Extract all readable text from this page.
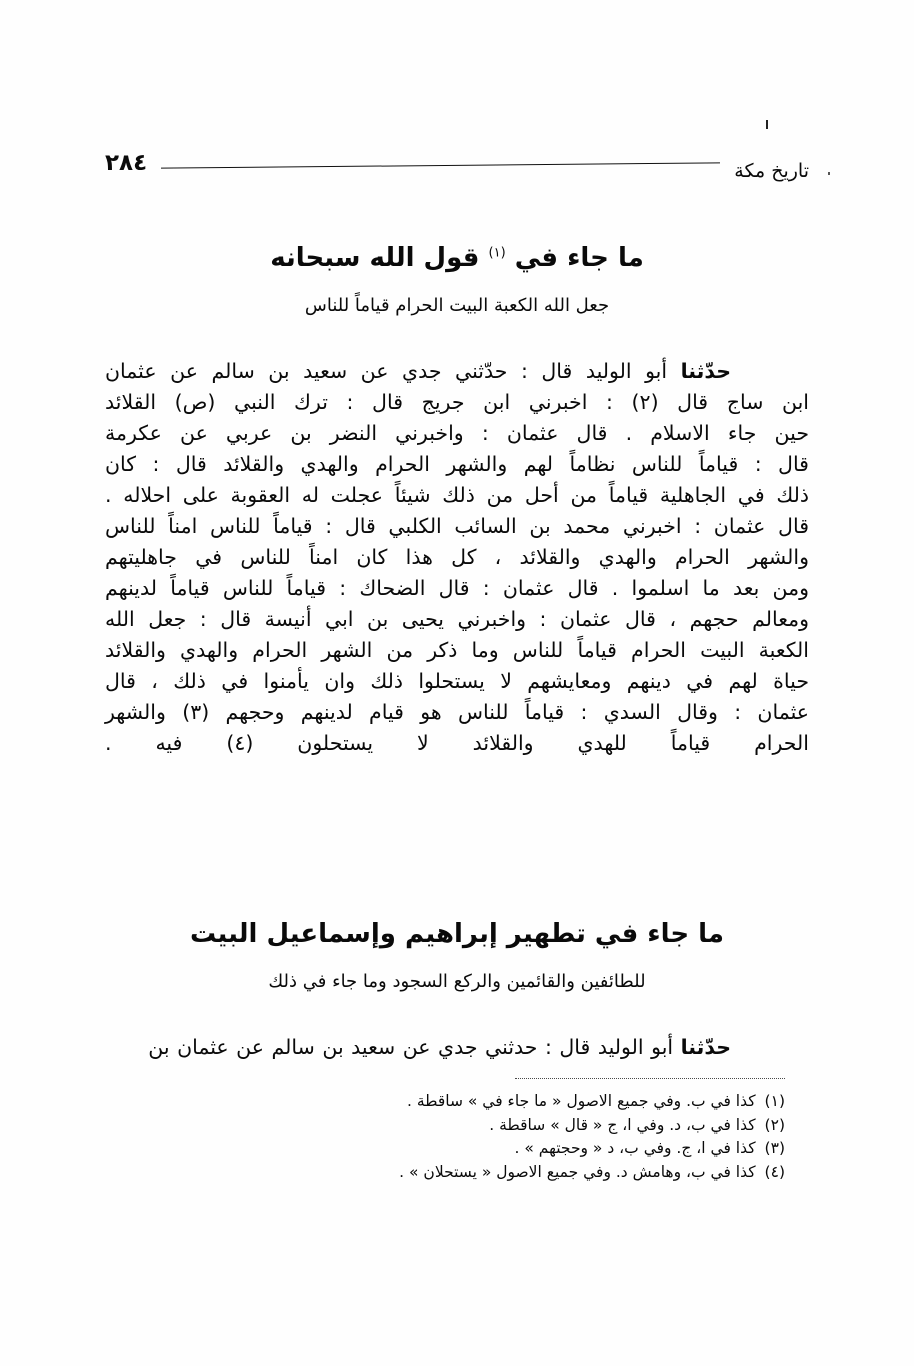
٢٨٤	تاريخ مكة
ما جاء في $^{(١)}$ قول الله سبحانه
جعل الله الكعبة البيت الحرام قياماً للناس
حدّثنا أبو الوليد قال : حدّثني جدي عن سعيد بن سالم عن عثمان
ابن ساج قال (٢) : اخبرني ابن جريج قال : ترك النبي (ص) القلائد
حين جاء الاسلام . قال عثمان : واخبرني النضر بن عربي عن عكرمة
قال : قياماً للناس نظاماً لهم والشهر الحرام والهدي والقلائد قال : كان
ذلك في الجاهلية قياماً من أحل من ذلك شيئاً عجلت له العقوبة على احلاله .
قال عثمان : اخبرني محمد بن السائب الكلبي قال : قياماً للناس امناً للناس
والشهر الحرام والهدي والقلائد ، كل هذا كان امناً للناس في جاهليتهم
ومن بعد ما اسلموا . قال عثمان : قال الضحاك : قياماً للناس قياماً لدينهم
ومعالم حجهم ، قال عثمان : واخبرني يحيى بن ابي أنيسة قال : جعل الله
الكعبة البيت الحرام قياماً للناس وما ذكر من الشهر الحرام والهدي والقلائد
حياة لهم في دينهم ومعايشهم لا يستحلوا ذلك وان يأمنوا في ذلك ، قال
عثمان : وقال السدي : قياماً للناس هو قيام لدينهم وحجهم (٣) والشهر
الحرام قياماً للهدي والقلائد لا يستحلون (٤) فيه .
ما جاء في تطهير إبراهيم وإسماعيل البيت
للطائفين والقائمين والركع السجود وما جاء في ذلك
حدّثنا أبو الوليد قال : حدثني جدي عن سعيد بن سالم عن عثمان بن

(١) كذا في ب. وفي جميع الاصول « ما جاء في » ساقطة .

(٢) كذا في ب، د. وفي ا، ج « قال » ساقطة .

(٣) كذا في ا، ج. وفي ب، د « وحجتهم » .

(٤) كذا في ب، وهامش د. وفي جميع الاصول « يستحلان » .
